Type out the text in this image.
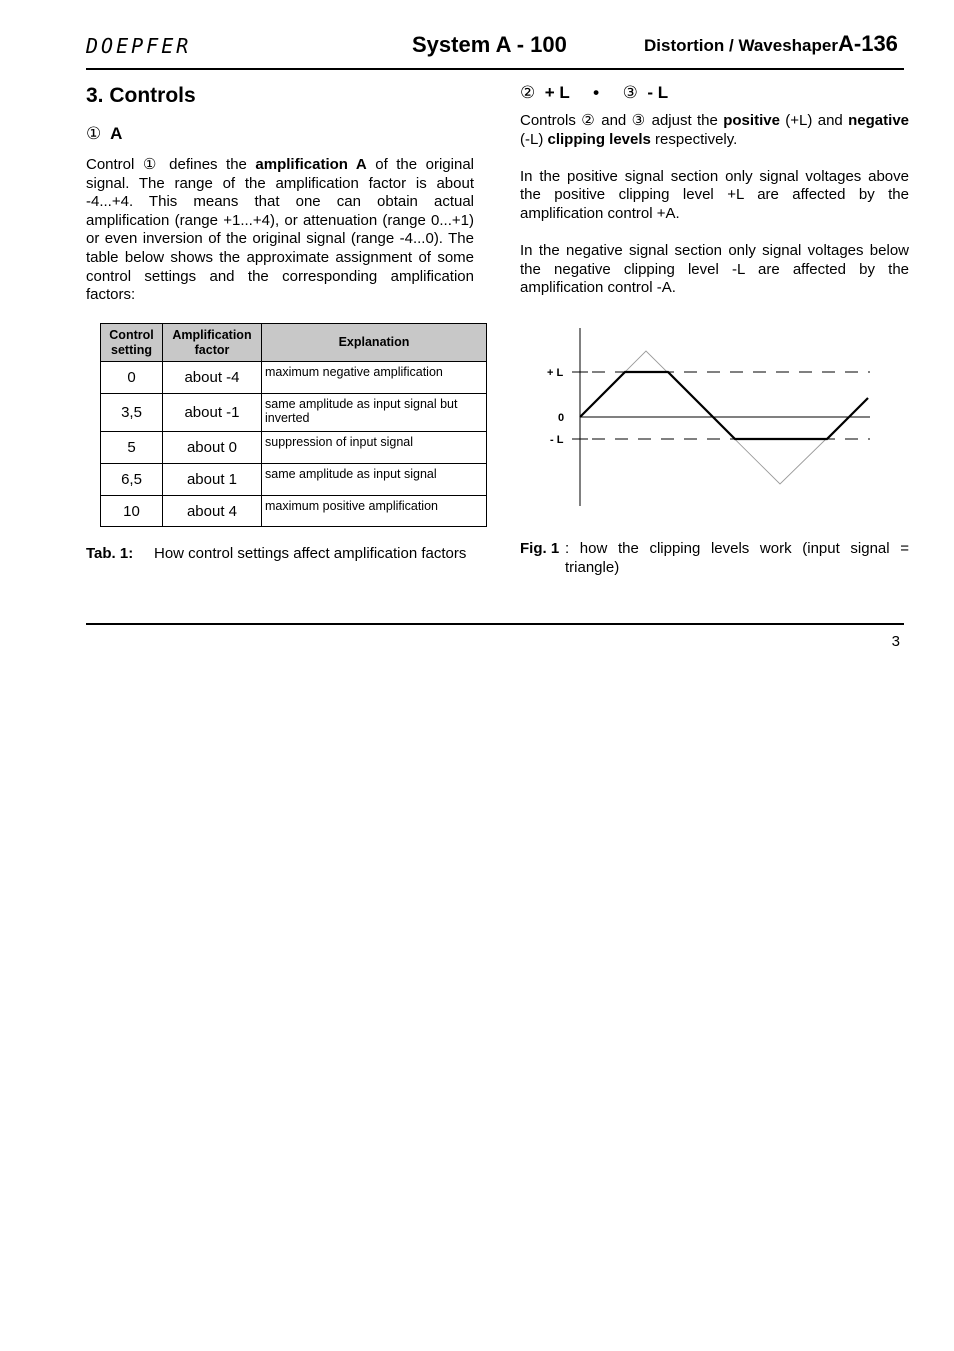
DOEPFER	System A - 100	Distortion / Waveshaper A-136
3. Controls
① A

Control ① defines the amplification A of the original signal. The range of the amplification factor is about -4...+4. This means that one can obtain actual amplification (range +1...+4), or attenuation (range 0...+1) or even inversion of the original signal (range -4...0). The table below shows the approximate assignment of some control settings and the corresponding amplification factors:

Control setting	Amplification factor	Explanation
0	about -4	maximum negative amplification
3,5	about -1	same amplitude as input signal but inverted
5	about 0	suppression of input signal
6,5	about 1	same amplitude as input signal
10	about 4	maximum positive amplification
Tab. 1: How control settings affect amplification factors
② + L • ③ - L

Controls ② and ③ adjust the positive (+L) and negative (-L) clipping levels respectively.

In the positive signal section only signal voltages above the positive clipping level +L are affected by the amplification control +A.

In the negative signal section only signal voltages below the negative clipping level -L are affected by the amplification control -A.

+ L
0
- L
Fig. 1 : how the clipping levels work (input signal = triangle)
3
